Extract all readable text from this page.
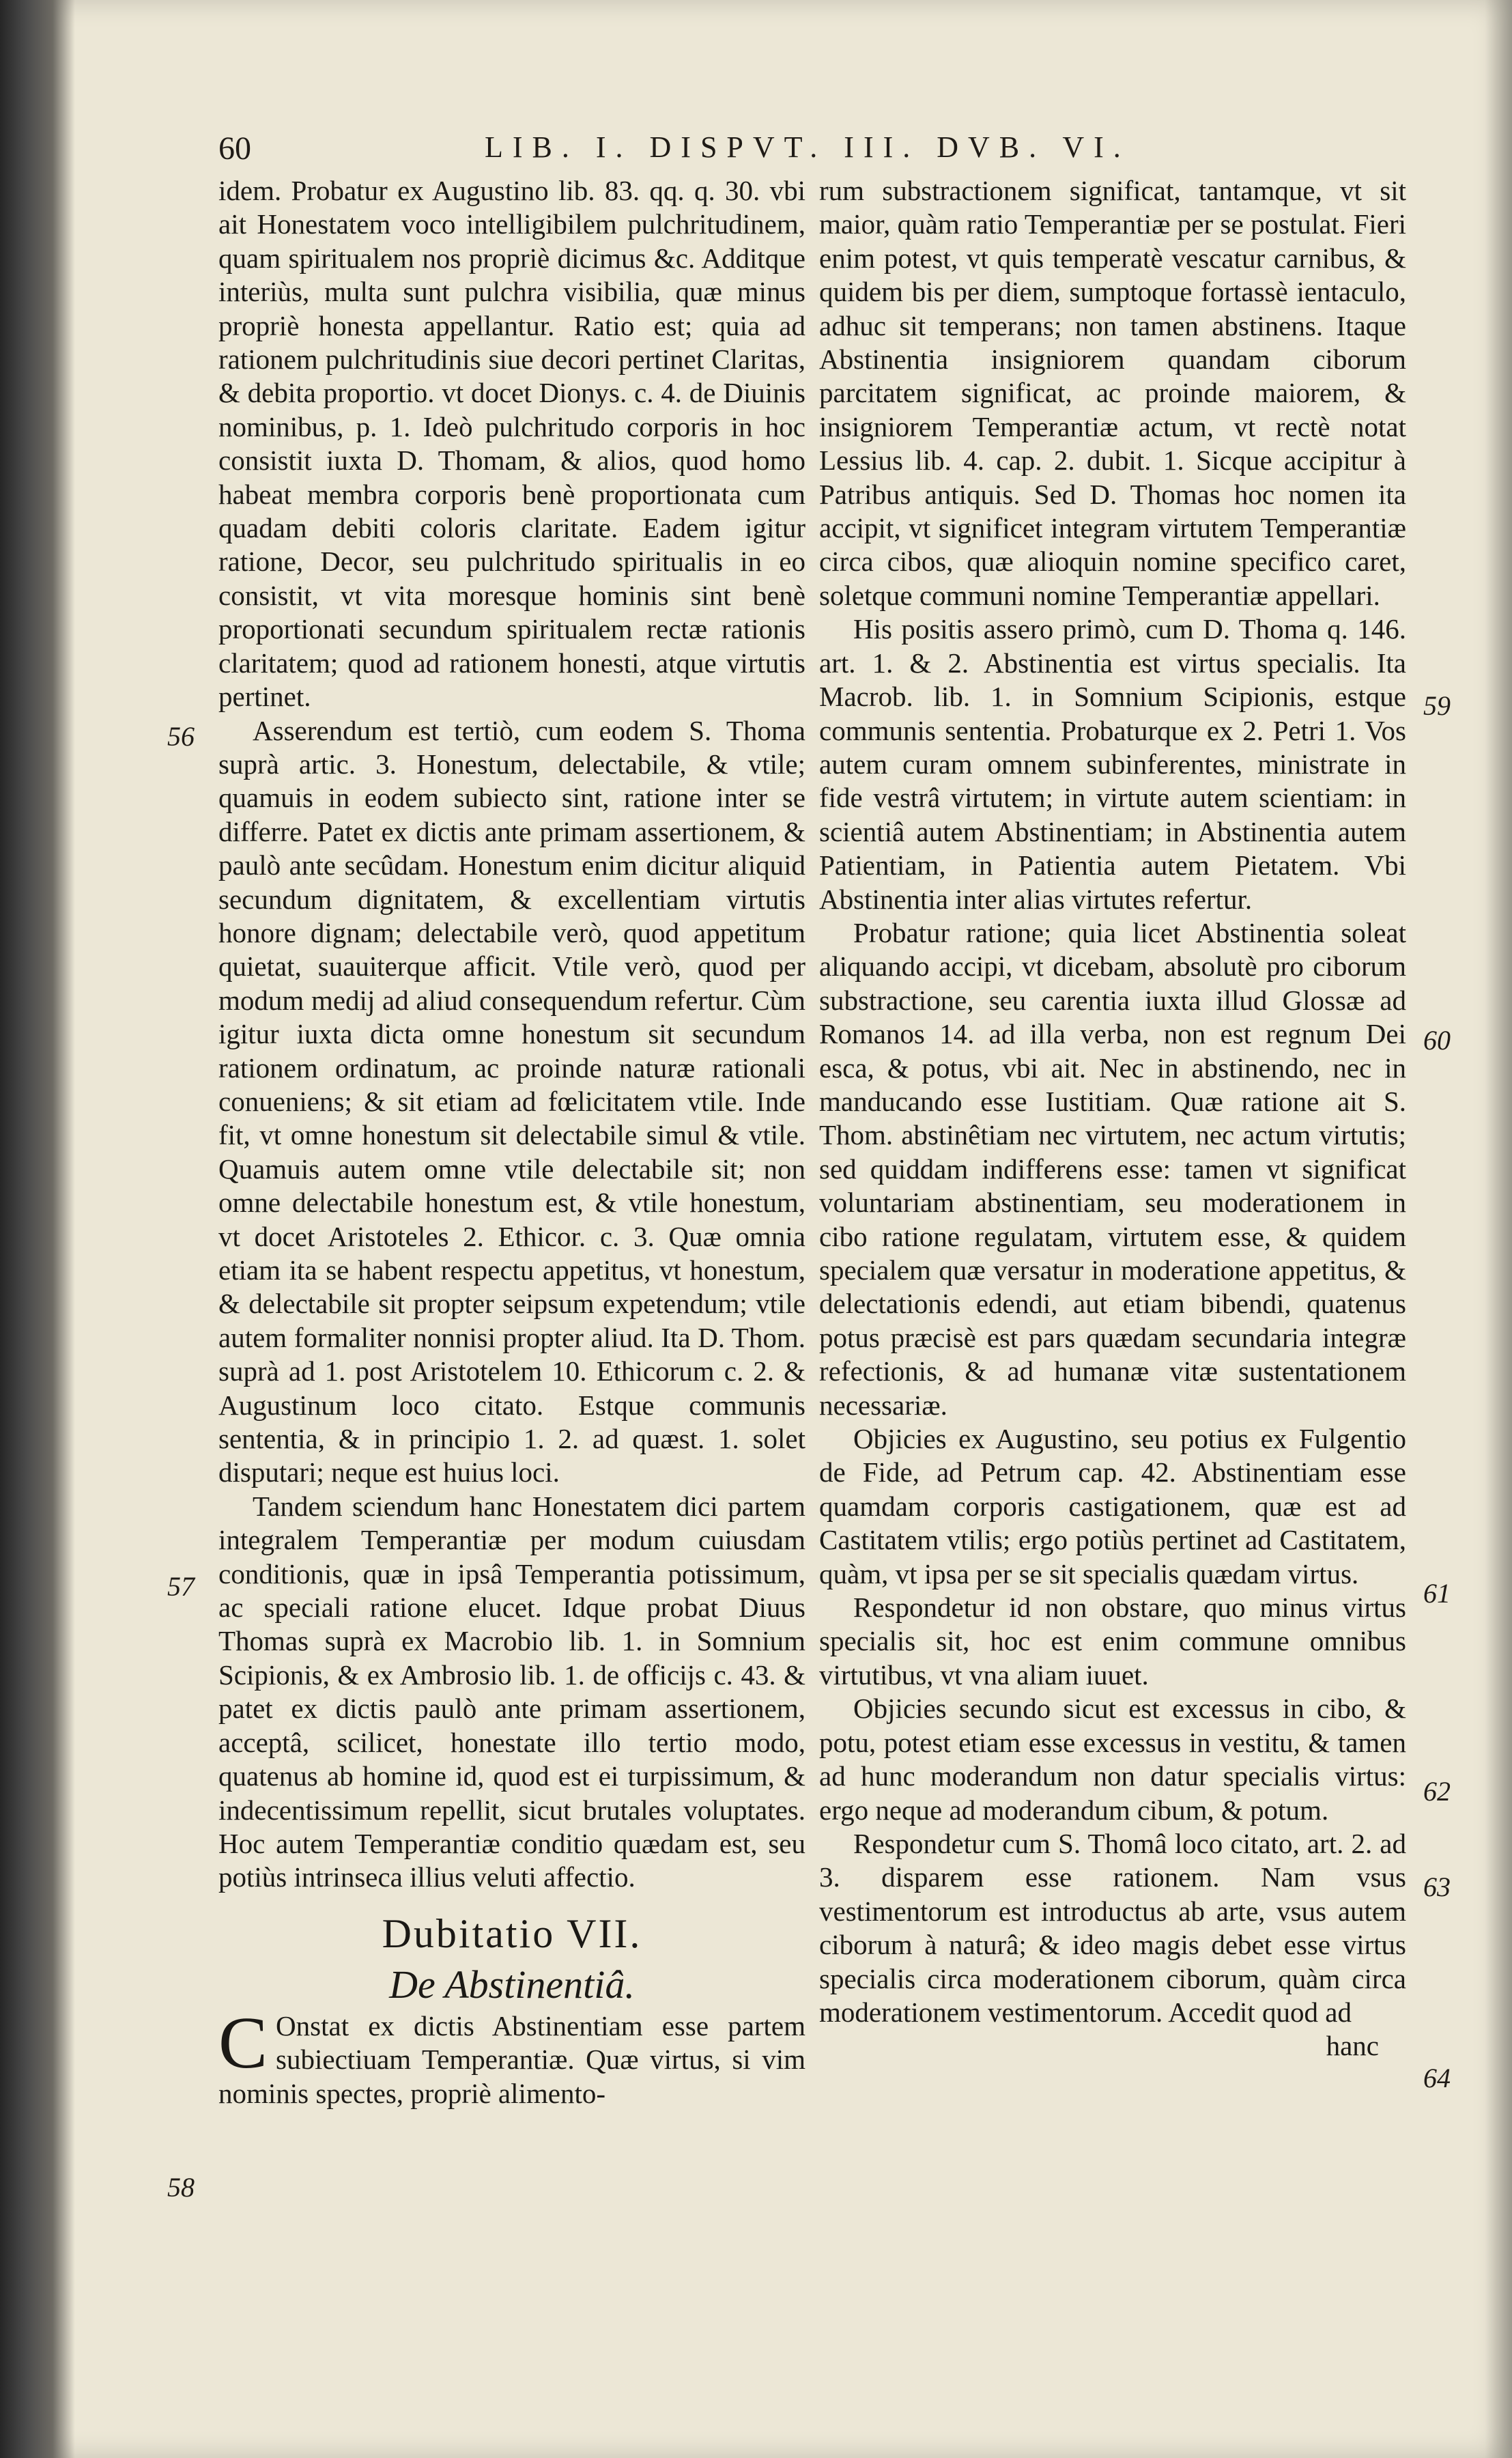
60	LIB. I. DISPVT. III. DVB. VI.

idem. Probatur ex Augustino lib. 83. qq. q. 30. vbi ait Honestatem voco intelligibilem pulchritudinem, quam spiritualem nos propriè dicimus &c. Additque interiùs, multa sunt pulchra visibilia, quæ minus propriè honesta appellantur. Ratio est; quia ad rationem pulchritudinis siue decori pertinet Claritas, & debita proportio. vt docet Dionys. c. 4. de Diuinis nominibus, p. 1. Ideò pulchritudo corporis in hoc consistit iuxta D. Thomam, & alios, quod homo habeat membra corporis benè proportionata cum quadam debiti coloris claritate. Eadem igitur ratione, Decor, seu pulchritudo spiritualis in eo consistit, vt vita moresque hominis sint benè proportionati secundum spiritualem rectæ rationis claritatem; quod ad rationem honesti, atque virtutis pertinet.

Asserendum est tertiò, cum eodem S. Thoma suprà artic. 3. Honestum, delectabile, & vtile; quamuis in eodem subiecto sint, ratione inter se differre. Patet ex dictis ante primam assertionem, & paulò ante secûdam. Honestum enim dicitur aliquid secundum dignitatem, & excellentiam virtutis honore dignam; delectabile verò, quod appetitum quietat, suauiterque afficit. Vtile verò, quod per modum medij ad aliud consequendum refertur. Cùm igitur iuxta dicta omne honestum sit secundum rationem ordinatum, ac proinde naturæ rationali conueniens; & sit etiam ad fœlicitatem vtile. Inde fit, vt omne honestum sit delectabile simul & vtile. Quamuis autem omne vtile delectabile sit; non omne delectabile honestum est, & vtile honestum, vt docet Aristoteles 2. Ethicor. c. 3. Quæ omnia etiam ita se habent respectu appetitus, vt honestum, & delectabile sit propter seipsum expetendum; vtile autem formaliter nonnisi propter aliud. Ita D. Thom. suprà ad 1. post Aristotelem 10. Ethicorum c. 2. & Augustinum loco citato. Estque communis sententia, & in principio 1. 2. ad quæst. 1. solet disputari; neque est huius loci.

Tandem sciendum hanc Honestatem dici partem integralem Temperantiæ per modum cuiusdam conditionis, quæ in ipsâ Temperantia potissimum, ac speciali ratione elucet. Idque probat Diuus Thomas suprà ex Macrobio lib. 1. in Somnium Scipionis, & ex Ambrosio lib. 1. de officijs c. 43. & patet ex dictis paulò ante primam assertionem, acceptâ, scilicet, honestate illo tertio modo, quatenus ab homine id, quod est ei turpissimum, & indecentissimum repellit, sicut brutales voluptates. Hoc autem Temperantiæ conditio quædam est, seu potiùs intrinseca illius veluti affectio.

Dubitatio VII.
De Abstinentiâ.

C Onstat ex dictis Abstinentiam esse partem subiectiuam Temperantiæ. Quæ virtus, si vim nominis spectes, propriè alimento-

rum substractionem significat, tantamque, vt sit maior, quàm ratio Temperantiæ per se postulat. Fieri enim potest, vt quis temperatè vescatur carnibus, & quidem bis per diem, sumptoque fortassè ientaculo, adhuc sit temperans; non tamen abstinens. Itaque Abstinentia insigniorem quandam ciborum parcitatem significat, ac proinde maiorem, & insigniorem Temperantiæ actum, vt rectè notat Lessius lib. 4. cap. 2. dubit. 1. Sicque accipitur à Patribus antiquis. Sed D. Thomas hoc nomen ita accipit, vt significet integram virtutem Temperantiæ circa cibos, quæ alioquin nomine specifico caret, soletque communi nomine Temperantiæ appellari.

His positis assero primò, cum D. Thoma q. 146. art. 1. & 2. Abstinentia est virtus specialis. Ita Macrob. lib. 1. in Somnium Scipionis, estque communis sententia. Probaturque ex 2. Petri 1. Vos autem curam omnem subinferentes, ministrate in fide vestrâ virtutem; in virtute autem scientiam: in scientiâ autem Abstinentiam; in Abstinentia autem Patientiam, in Patientia autem Pietatem. Vbi Abstinentia inter alias virtutes refertur.

Probatur ratione; quia licet Abstinentia soleat aliquando accipi, vt dicebam, absolutè pro ciborum substractione, seu carentia iuxta illud Glossæ ad Romanos 14. ad illa verba, non est regnum Dei esca, & potus, vbi ait. Nec in abstinendo, nec in manducando esse Iustitiam. Quæ ratione ait S. Thom. abstinêtiam nec virtutem, nec actum virtutis; sed quiddam indifferens esse: tamen vt significat voluntariam abstinentiam, seu moderationem in cibo ratione regulatam, virtutem esse, & quidem specialem quæ versatur in moderatione appetitus, & delectationis edendi, aut etiam bibendi, quatenus potus præcisè est pars quædam secundaria integræ refectionis, & ad humanæ vitæ sustentationem necessariæ.

Objicies ex Augustino, seu potius ex Fulgentio de Fide, ad Petrum cap. 42. Abstinentiam esse quamdam corporis castigationem, quæ est ad Castitatem vtilis; ergo potiùs pertinet ad Castitatem, quàm, vt ipsa per se sit specialis quædam virtus.

Respondetur id non obstare, quo minus virtus specialis sit, hoc est enim commune omnibus virtutibus, vt vna aliam iuuet.

Objicies secundo sicut est excessus in cibo, & potu, potest etiam esse excessus in vestitu, & tamen ad hunc moderandum non datur specialis virtus: ergo neque ad moderandum cibum, & potum.

Respondetur cum S. Thomâ loco citato, art. 2. ad 3. disparem esse rationem. Nam vsus vestimentorum est introductus ab arte, vsus autem ciborum à naturâ; & ideo magis debet esse virtus specialis circa moderationem ciborum, quàm circa moderationem vestimentorum. Accedit quod ad

hanc
56
57
58
59
60
61
62
63
64
